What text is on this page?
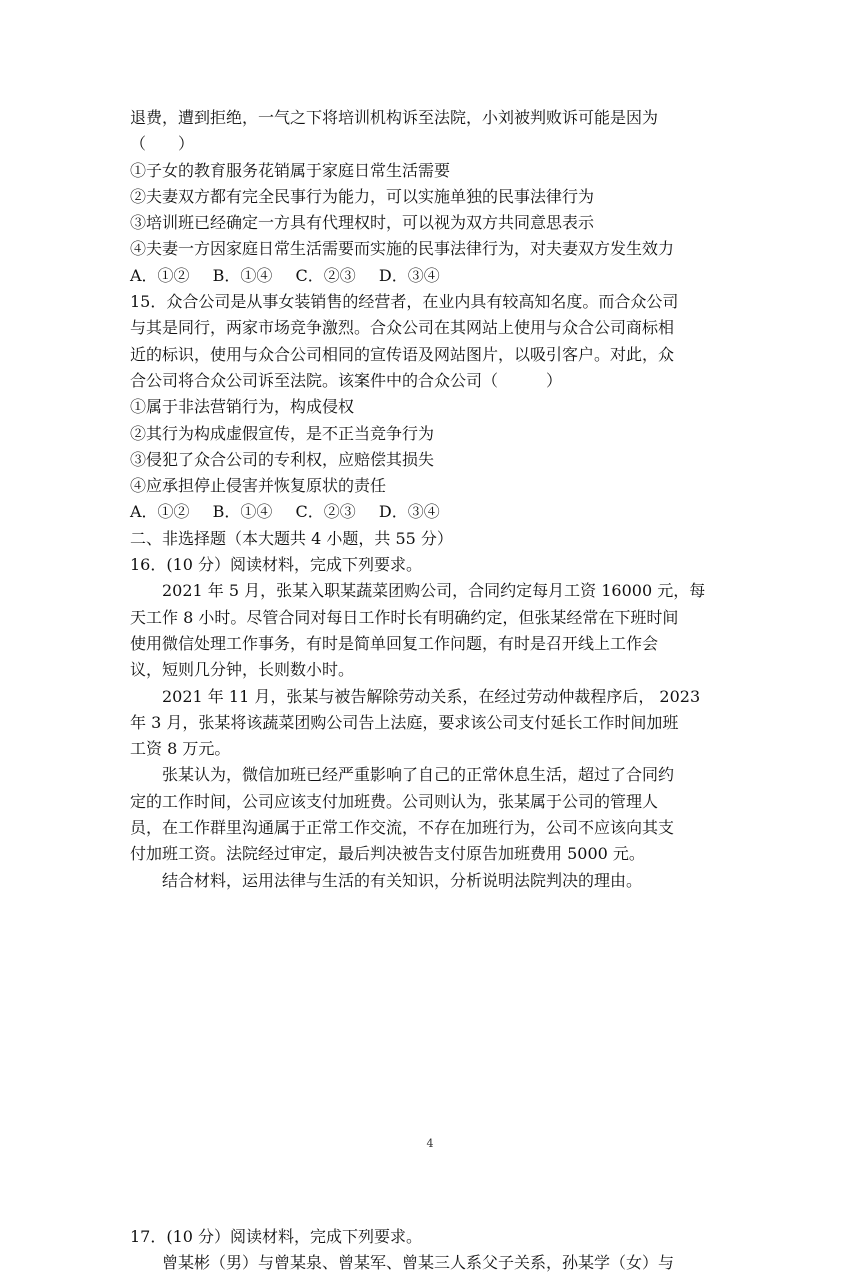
退费，遭到拒绝，一气之下将培训机构诉至法院，小刘被判败诉可能是因为
（　　）
①子女的教育服务花销属于家庭日常生活需要
②夫妻双方都有完全民事行为能力，可以实施单独的民事法律行为
③培训班已经确定一方具有代理权时，可以视为双方共同意思表示
④夫妻一方因家庭日常生活需要而实施的民事法律行为，对夫妻双方发生效力
A．①② B．①④ C．②③ D．③④
15．众合公司是从事女装销售的经营者，在业内具有较高知名度。而合众公司
与其是同行，两家市场竞争激烈。合众公司在其网站上使用与众合公司商标相
近的标识，使用与众合公司相同的宣传语及网站图片，以吸引客户。对此，众
合公司将合众公司诉至法院。该案件中的合众公司（　　　）
①属于非法营销行为，构成侵权
②其行为构成虚假宣传，是不正当竞争行为
③侵犯了众合公司的专利权，应赔偿其损失
④应承担停止侵害并恢复原状的责任
A．①② B．①④ C．②③ D．③④
二、非选择题（本大题共 4 小题，共 55 分）
16．(10 分）阅读材料，完成下列要求。
2021 年 5 月，张某入职某蔬菜团购公司，合同约定每月工资 16000 元，每
天工作 8 小时。尽管合同对每日工作时长有明确约定，但张某经常在下班时间
使用微信处理工作事务，有时是简单回复工作问题，有时是召开线上工作会
议，短则几分钟，长则数小时。
2021 年 11 月，张某与被告解除劳动关系，在经过劳动仲裁程序后， 2023
年 3 月，张某将该蔬菜团购公司告上法庭，要求该公司支付延长工作时间加班
工资 8 万元。
张某认为，微信加班已经严重影响了自己的正常休息生活，超过了合同约
定的工作时间，公司应该支付加班费。公司则认为，张某属于公司的管理人
员，在工作群里沟通属于正常工作交流，不存在加班行为，公司不应该向其支
付加班工资。法院经过审定，最后判决被告支付原告加班费用 5000 元。
结合材料，运用法律与生活的有关知识，分析说明法院判决的理由。
17．(10 分）阅读材料，完成下列要求。
曾某彬（男）与曾某泉、曾某军、曾某三人系父子关系，孙某学（女）与
4
